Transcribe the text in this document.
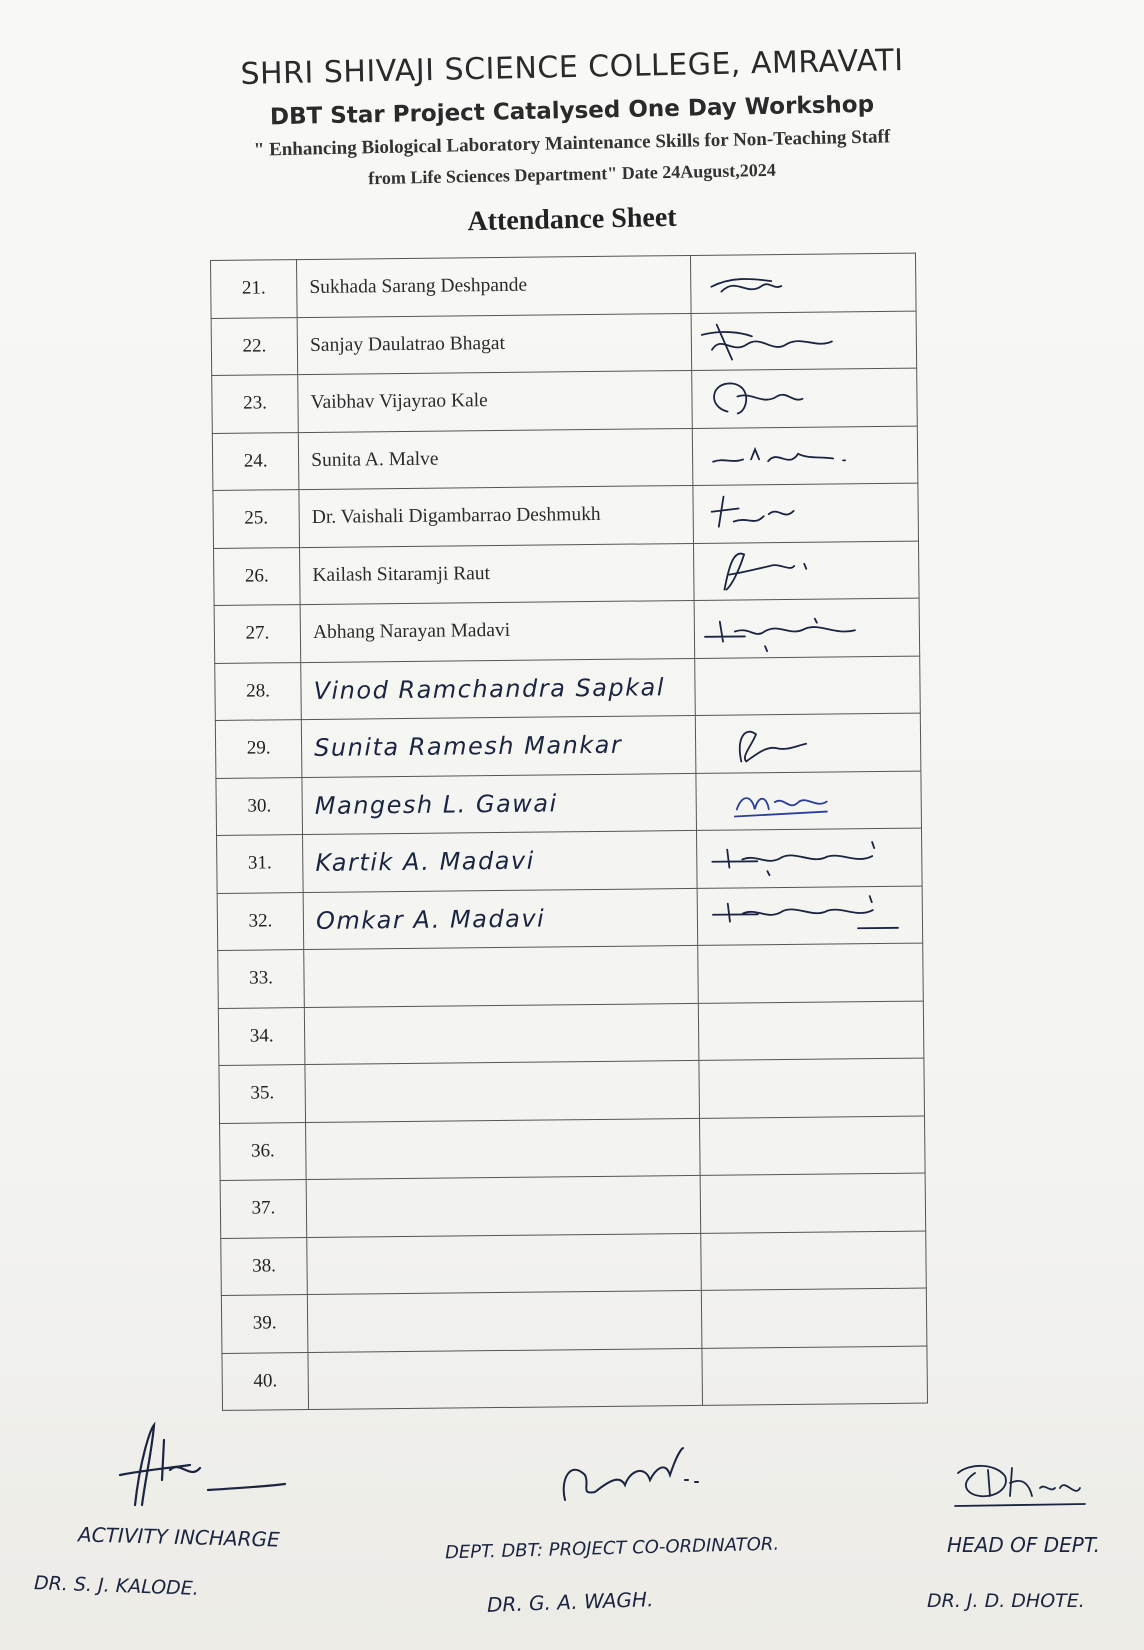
SHRI SHIVAJI SCIENCE COLLEGE, AMRAVATI
DBT Star Project Catalysed One Day Workshop
" Enhancing Biological Laboratory Maintenance Skills for Non-Teaching Staff
from Life Sciences Department" Date 24August,2024
Attendance Sheet
21.	Sukhada Sarang Deshpande	

22.	Sanjay Daulatrao Bhagat	

23.	Vaibhav Vijayrao Kale	

24.	Sunita A. Malve	

25.	Dr. Vaishali Digambarrao Deshmukh	

26.	Kailash Sitaramji Raut	

27.	Abhang Narayan Madavi	

28.	Vinod Ramchandra Sapkal	
29.	Sunita Ramesh Mankar	

30.	Mangesh L. Gawai	

31.	Kartik A. Madavi	

32.	Omkar A. Madavi	

33.		
34.		
35.		
36.		
37.		
38.		
39.		
40.		
ACTIVITY INCHARGE
DR. S. J. KALODE.
DEPT. DBT: PROJECT CO-ORDINATOR.
DR. G. A. WAGH.
HEAD OF DEPT.
DR. J. D. DHOTE.
